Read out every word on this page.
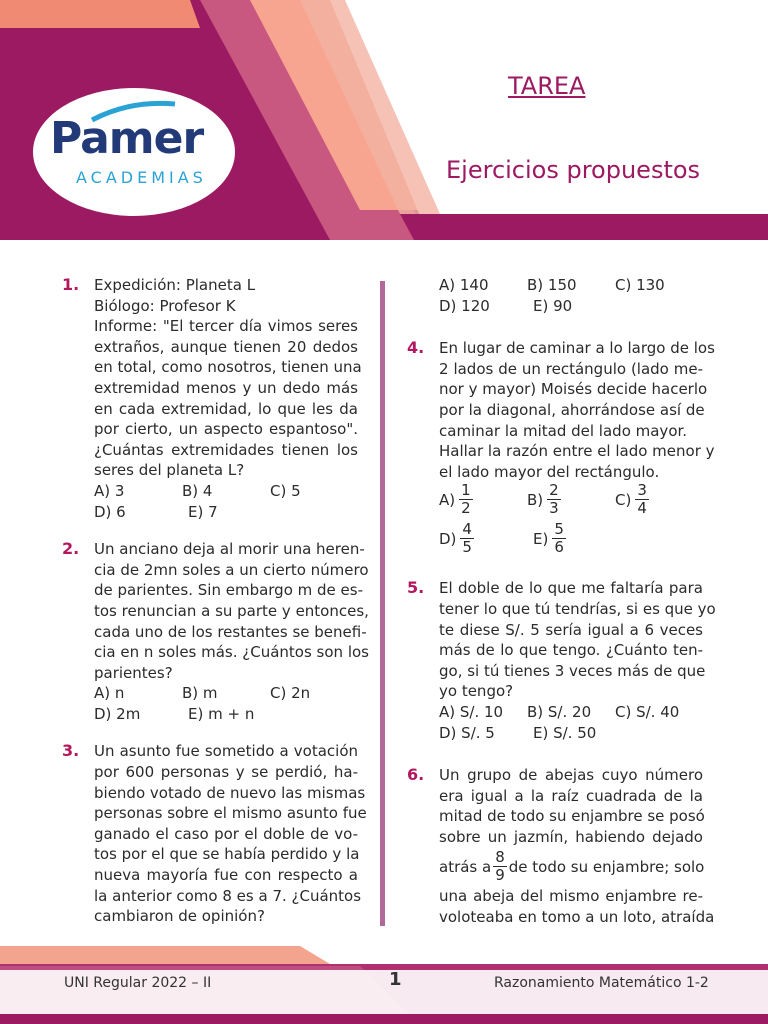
Pamer
ACADEMIAS
TAREA
Ejercicios propuestos
1. Expedición: Planeta L
Biólogo: Profesor K
Informe: "El tercer día vimos seres
extraños, aunque tienen 20 dedos
en total, como nosotros, tienen una
extremidad menos y un dedo más
en cada extremidad, lo que les da
por cierto, un aspecto espantoso".
¿Cuántas extremidades tienen los
seres del planeta L?
A) 3	B) 4	C) 5
D) 6	E) 7
2. Un anciano deja al morir una heren-
cia de 2mn soles a un cierto número
de parientes. Sin embargo m de es-
tos renuncian a su parte y entonces,
cada uno de los restantes se benefi-
cia en n soles más. ¿Cuántos son los
parientes?
A) n	B) m	C) 2n
D) 2m	E) m + n
3. Un asunto fue sometido a votación
por 600 personas y se perdió, ha-
biendo votado de nuevo las mismas
personas sobre el mismo asunto fue
ganado el caso por el doble de vo-
tos por el que se había perdido y la
nueva mayoría fue con respecto a
la anterior como 8 es a 7. ¿Cuántos
cambiaron de opinión?
A) 140	B) 150	C) 130
D) 120	E) 90
4. En lugar de caminar a lo largo de los
2 lados de un rectángulo (lado me-
nor y mayor) Moisés decide hacerlo
por la diagonal, ahorrándose así de
caminar la mitad del lado mayor.
Hallar la razón entre el lado menor y
el lado mayor del rectángulo.
$A) \frac{1}{2}$	$B) \frac{2}{3}$	$C) \frac{3}{4}$
$D) \frac{4}{5}$	$E) \frac{5}{6}$
5. El doble de lo que me faltaría para
tener lo que tú tendrías, si es que yo
te diese S/. 5 sería igual a 6 veces
más de lo que tengo. ¿Cuánto ten-
go, si tú tienes 3 veces más de que
yo tengo?
A) S/. 10	B) S/. 20	C) S/. 40
D) S/. 5	E) S/. 50
6. Un grupo de abejas cuyo número
era igual a la raíz cuadrada de la
mitad de todo su enjambre se posó
sobre un jazmín, habiendo dejado
atrás a $\frac{8}{9}$ de todo su enjambre; solo
una abeja del mismo enjambre re-
voloteaba en tomo a un loto, atraída
UNI Regular 2022 – II	1	Razonamiento Matemático 1-2
